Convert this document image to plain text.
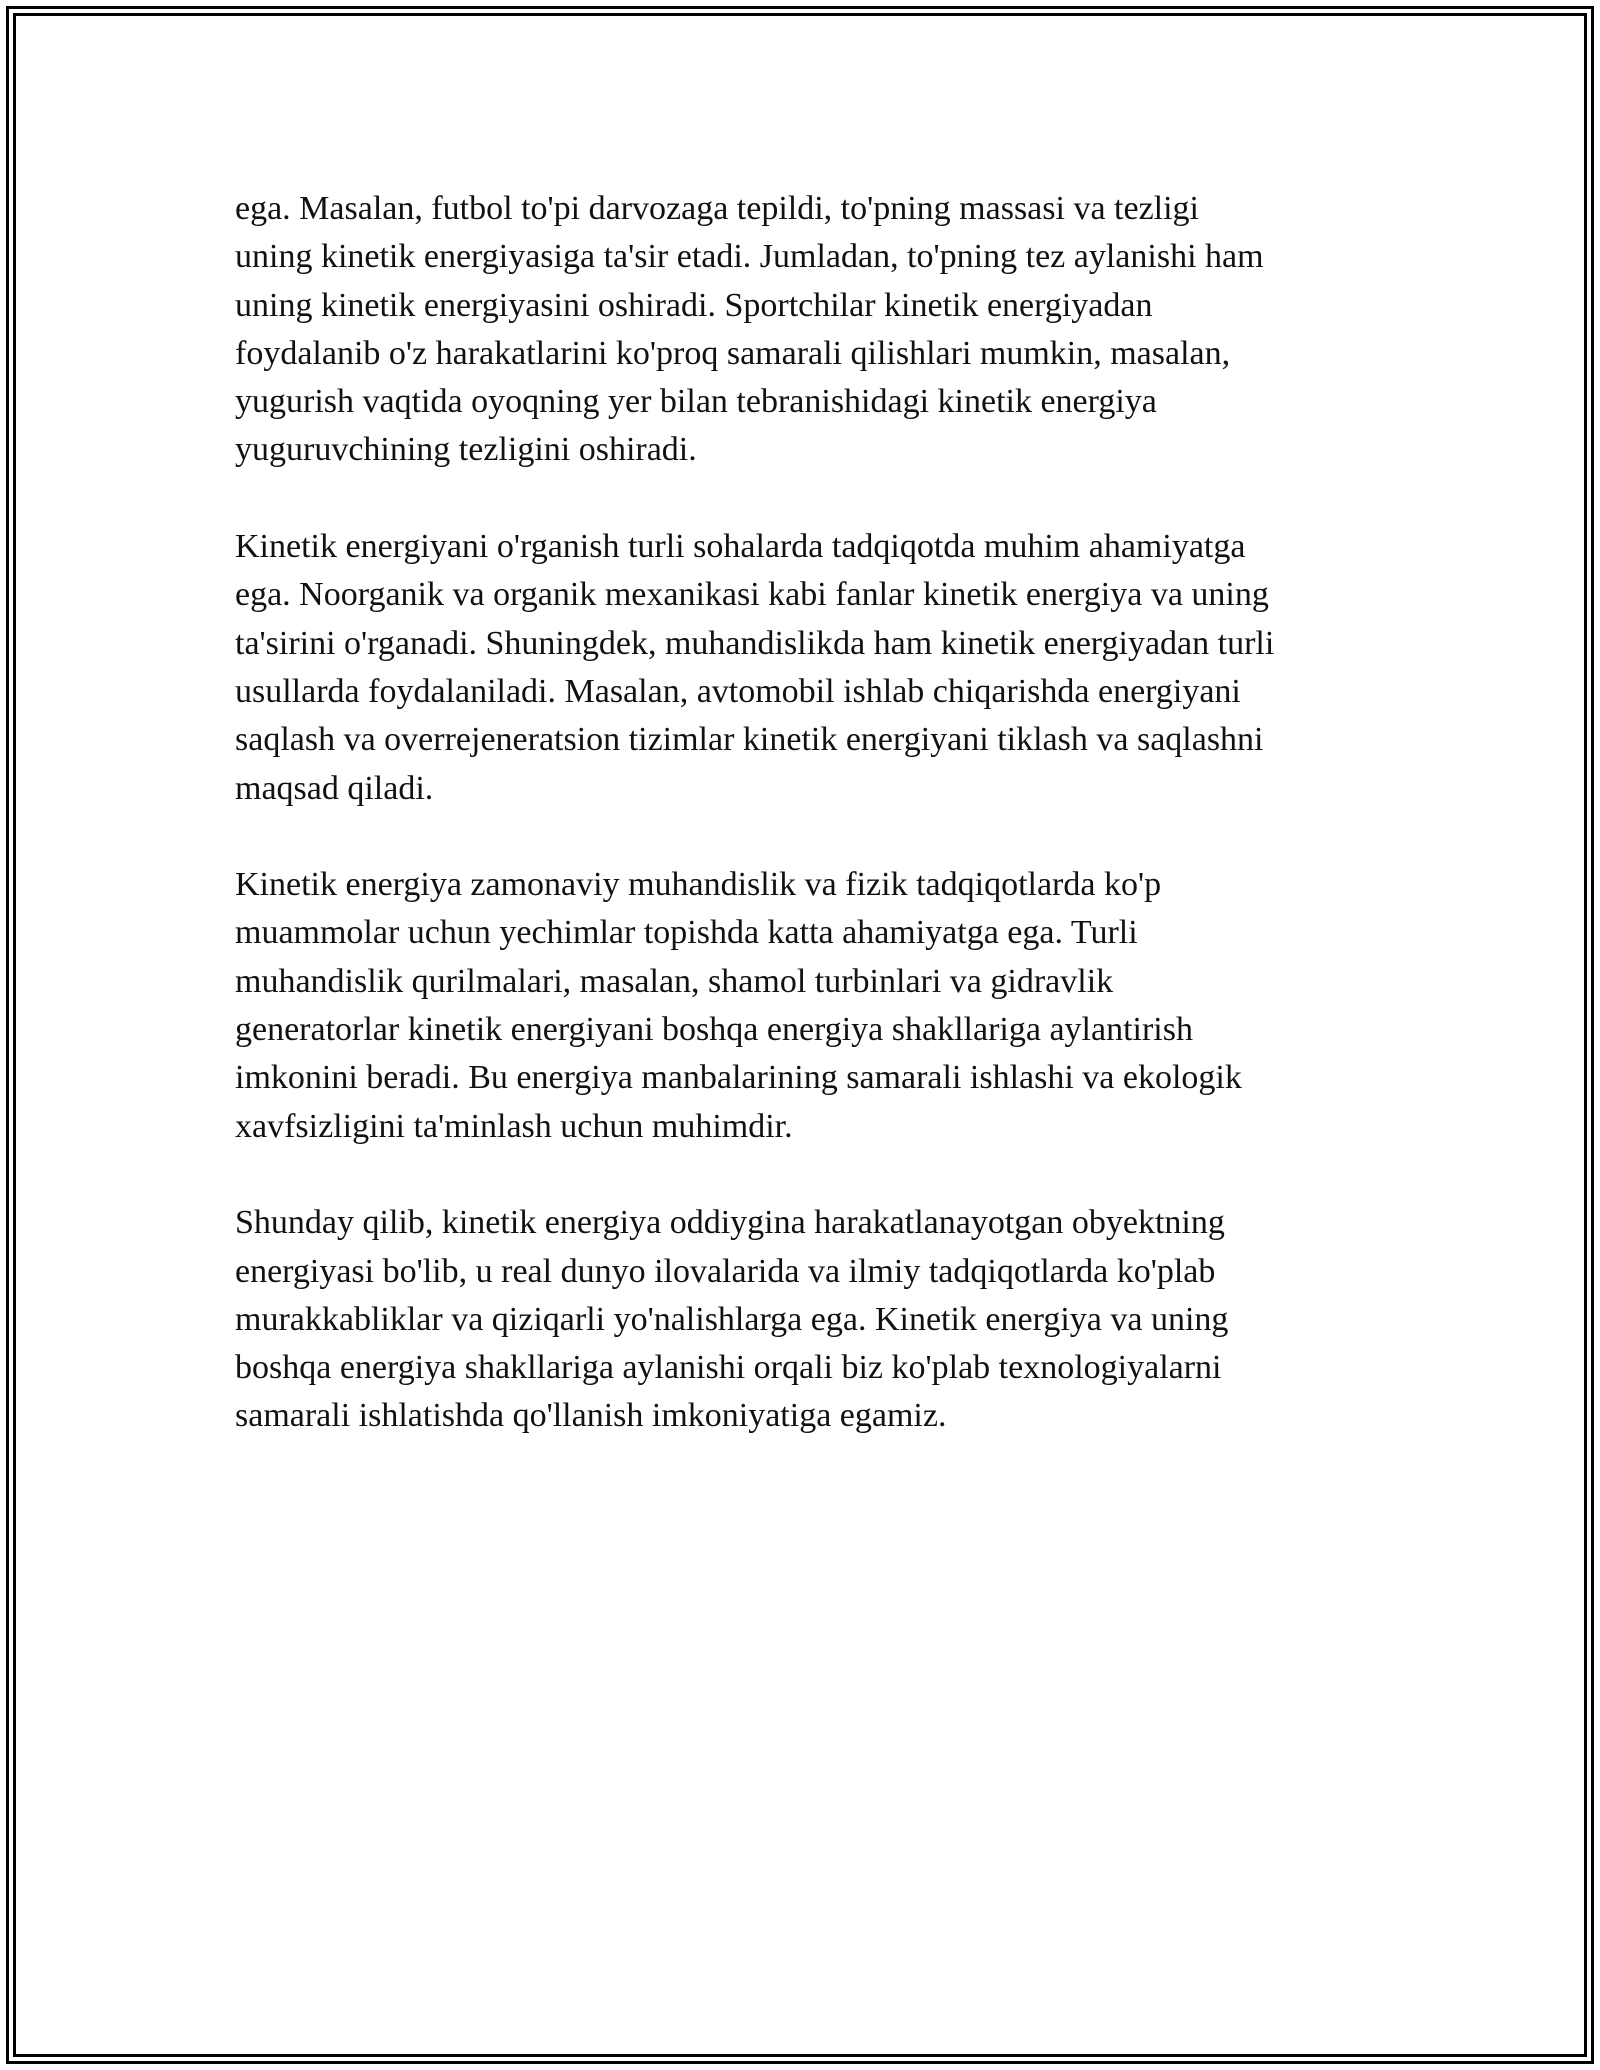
ega. Masalan, futbol to'pi darvozaga tepildi, to'pning massasi va tezligi
uning kinetik energiyasiga ta'sir etadi. Jumladan, to'pning tez aylanishi ham
uning kinetik energiyasini oshiradi. Sportchilar kinetik energiyadan
foydalanib o'z harakatlarini ko'proq samarali qilishlari mumkin, masalan,
yugurish vaqtida oyoqning yer bilan tebranishidagi kinetik energiya
yuguruvchining tezligini oshiradi.

Kinetik energiyani o'rganish turli sohalarda tadqiqotda muhim ahamiyatga
ega. Noorganik va organik mexanikasi kabi fanlar kinetik energiya va uning
ta'sirini o'rganadi. Shuningdek, muhandislikda ham kinetik energiyadan turli
usullarda foydalaniladi. Masalan, avtomobil ishlab chiqarishda energiyani
saqlash va overrejeneratsion tizimlar kinetik energiyani tiklash va saqlashni
maqsad qiladi.

Kinetik energiya zamonaviy muhandislik va fizik tadqiqotlarda ko'p
muammolar uchun yechimlar topishda katta ahamiyatga ega. Turli
muhandislik qurilmalari, masalan, shamol turbinlari va gidravlik
generatorlar kinetik energiyani boshqa energiya shakllariga aylantirish
imkonini beradi. Bu energiya manbalarining samarali ishlashi va ekologik
xavfsizligini ta'minlash uchun muhimdir.

Shunday qilib, kinetik energiya oddiygina harakatlanayotgan obyektning
energiyasi bo'lib, u real dunyo ilovalarida va ilmiy tadqiqotlarda ko'plab
murakkabliklar va qiziqarli yo'nalishlarga ega. Kinetik energiya va uning
boshqa energiya shakllariga aylanishi orqali biz ko'plab texnologiyalarni
samarali ishlatishda qo'llanish imkoniyatiga egamiz.
